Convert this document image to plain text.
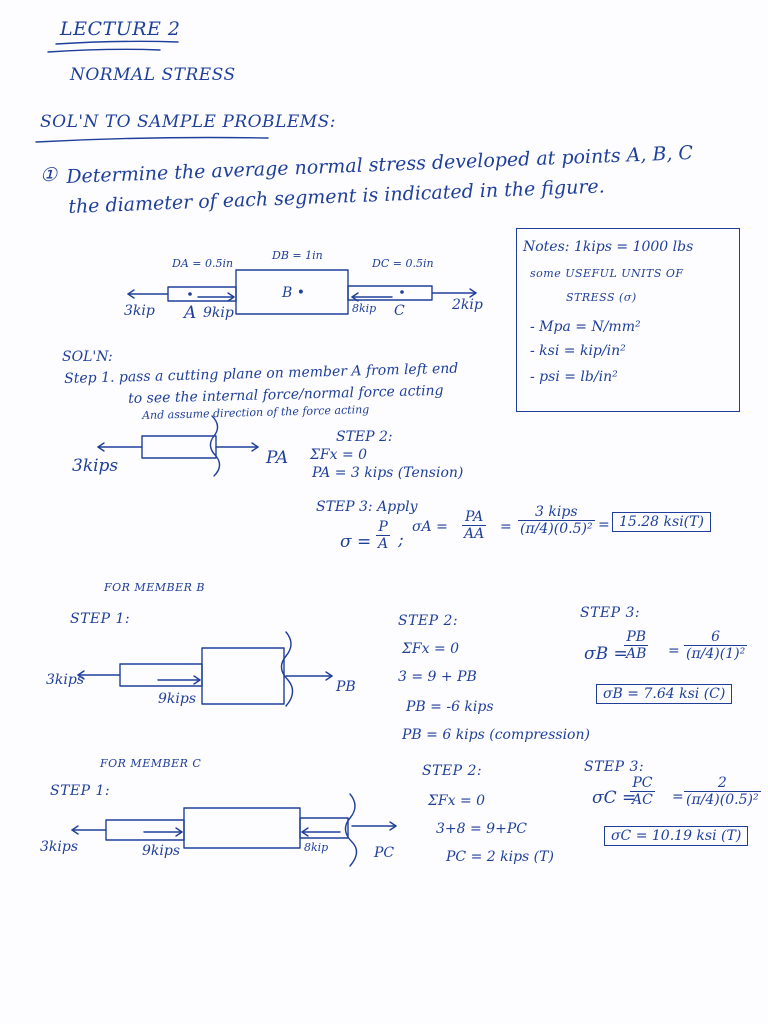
LECTURE 2
NORMAL STRESS
SOL'N TO SAMPLE PROBLEMS:
① Determine the average normal stress developed at points A, B, C
the diameter of each segment is indicated in the figure.
DA = 0.5in
DB = 1in
DC = 0.5in
B •
3kip A 9kip	8kip C	2kip
Notes: 1kips = 1000 lbs
some USEFUL UNITS OF
STRESS (σ)
- Mpa = N/mm²
- ksi = kip/in²
- psi = lb/in²
SOL'N:
Step 1. pass a cutting plane on member A from left end
to see the internal force/normal force acting
And assume direction of the force acting
3kips	PA
STEP 2:
ΣFx = 0
PA = 3 kips (Tension)
STEP 3: Apply
σ =
P
A ;
σA =
PA
AA =
3 kips
(π/4)(0.5)² = 15.28 ksi(T)
FOR MEMBER B
STEP 1:
3kips
9kips
PB
STEP 2:
ΣFx = 0
3 = 9 + PB
PB = -6 kips
PB = 6 kips (compression)
STEP 3:
σB =
PB
AB =
6
(π/4)(1)²
σB = 7.64 ksi (C)
FOR MEMBER C
STEP 1:
3kips	9kips	8kip	PC
STEP 2:
ΣFx = 0
3+8 = 9+PC
PC = 2 kips (T)
STEP 3:
σC =
PC
AC =
2
(π/4)(0.5)²
σC = 10.19 ksi (T)
